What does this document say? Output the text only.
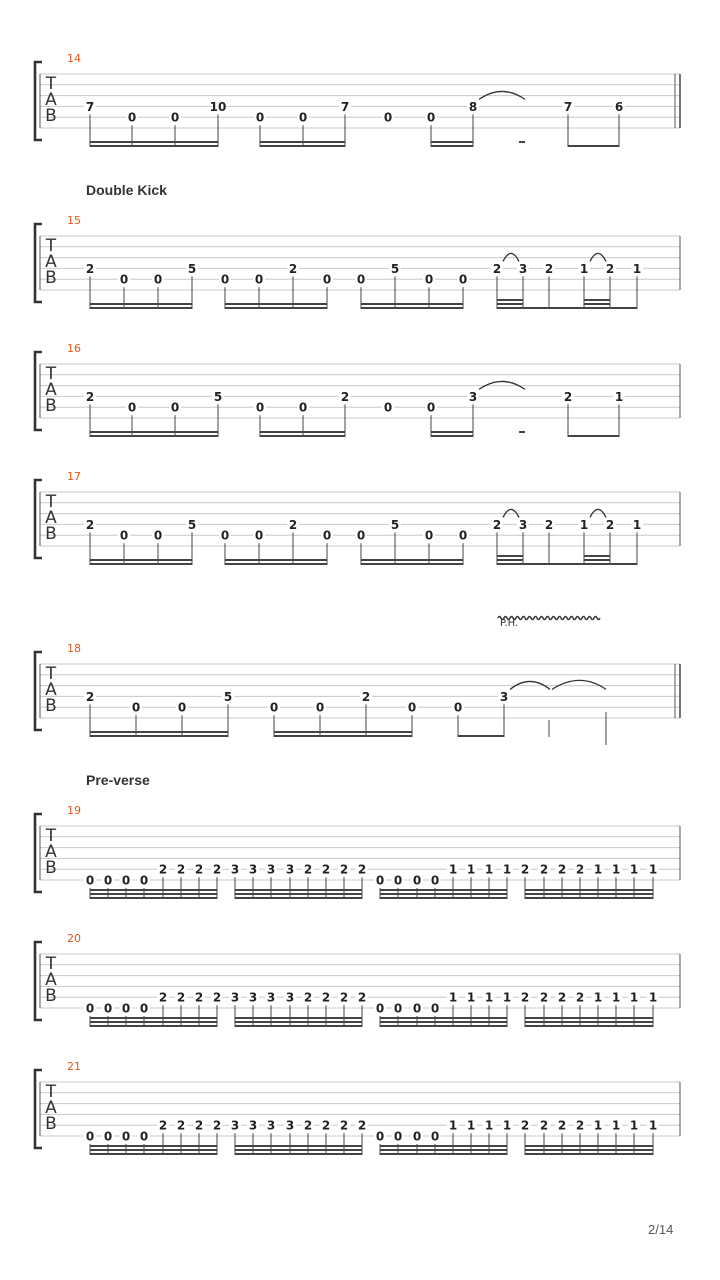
T
A
B
14
7
0	0
10
0	0
7
0	0
8	7	6
T
A
B
15
2
0 0
5
0 0
2
0 0
5
0 0
2 3 2 1 2 1
T
A
B
16
2
0	0
5
0	0
2
0	0
3	2	1
T
A
B
17
2
0 0
5
0 0
2
0 0
5
0 0
2 3 2 1 2 1
T
A
B
18
2
0	0
5
0	0
2
0	0
3
P.H.
T
A
B
19
0 0 0 0
2 2 2 2 3 3 3 3 2 2 2 2
0 0 0 0
1 1 1 1 2 2 2 2 1 1 1 1
T
A
B
20
0 0 0 0
2 2 2 2 3 3 3 3 2 2 2 2
0 0 0 0
1 1 1 1 2 2 2 2 1 1 1 1
T
A
B
21
0 0 0 0
2 2 2 2 3 3 3 3 2 2 2 2
0 0 0 0
1 1 1 1 2 2 2 2 1 1 1 1
Double Kick
Pre-verse
2/14
